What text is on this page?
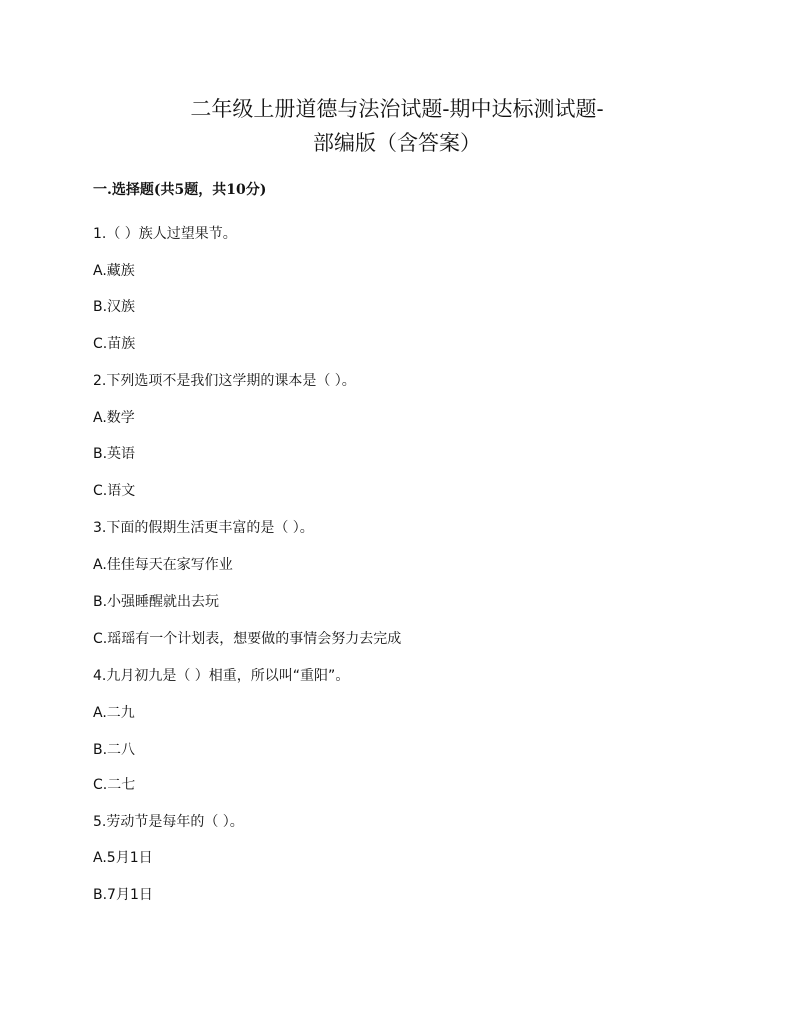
二年级上册道德与法治试题-期中达标测试题-
部编版（含答案）
一.选择题(共5题，共10分)
1.（ ）族人过望果节。
A.藏族
B.汉族
C.苗族
2.下列选项不是我们这学期的课本是（ ）。
A.数学
B.英语
C.语文
3.下面的假期生活更丰富的是（ ）。
A.佳佳每天在家写作业
B.小强睡醒就出去玩
C.瑶瑶有一个计划表，想要做的事情会努力去完成
4.九月初九是（ ）相重，所以叫“重阳”。
A.二九
B.二八
C.二七
5.劳动节是每年的（ ）。
A.5月1日
B.7月1日
